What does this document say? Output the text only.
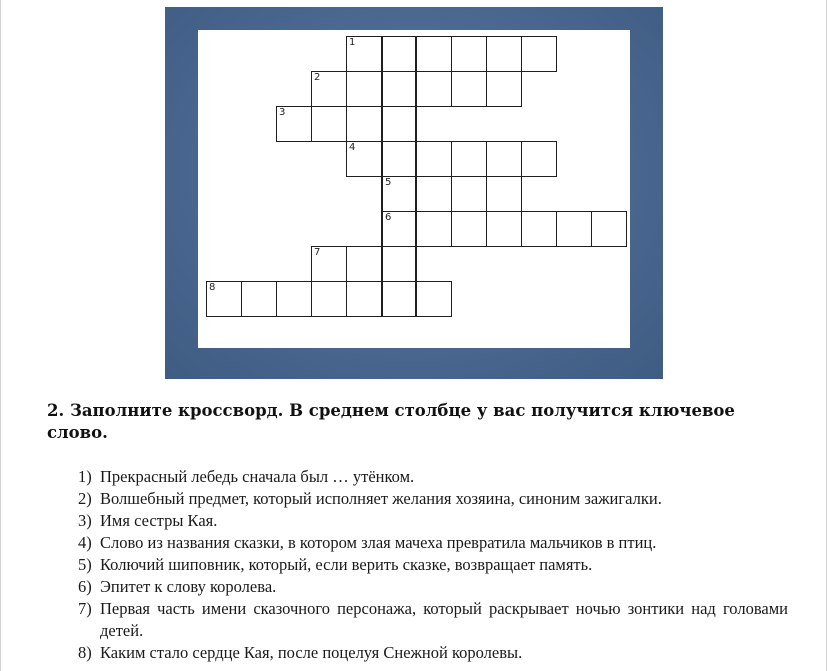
1
2
3
4
5
6
7
8
2. Заполните кроссворд. В среднем столбце у вас получится ключевое слово.
1) Прекрасный лебедь сначала был … утёнком.
2) Волшебный предмет, который исполняет желания хозяина, синоним зажигалки.
3) Имя сестры Кая.
4) Слово из названия сказки, в котором злая мачеха превратила мальчиков в птиц.
5) Колючий шиповник, который, если верить сказке, возвращает память.
6) Эпитет к слову королева.
7) Первая часть имени сказочного персонажа, который раскрывает ночью зонтики над головами детей.
8) Каким стало сердце Кая, после поцелуя Снежной королевы.
